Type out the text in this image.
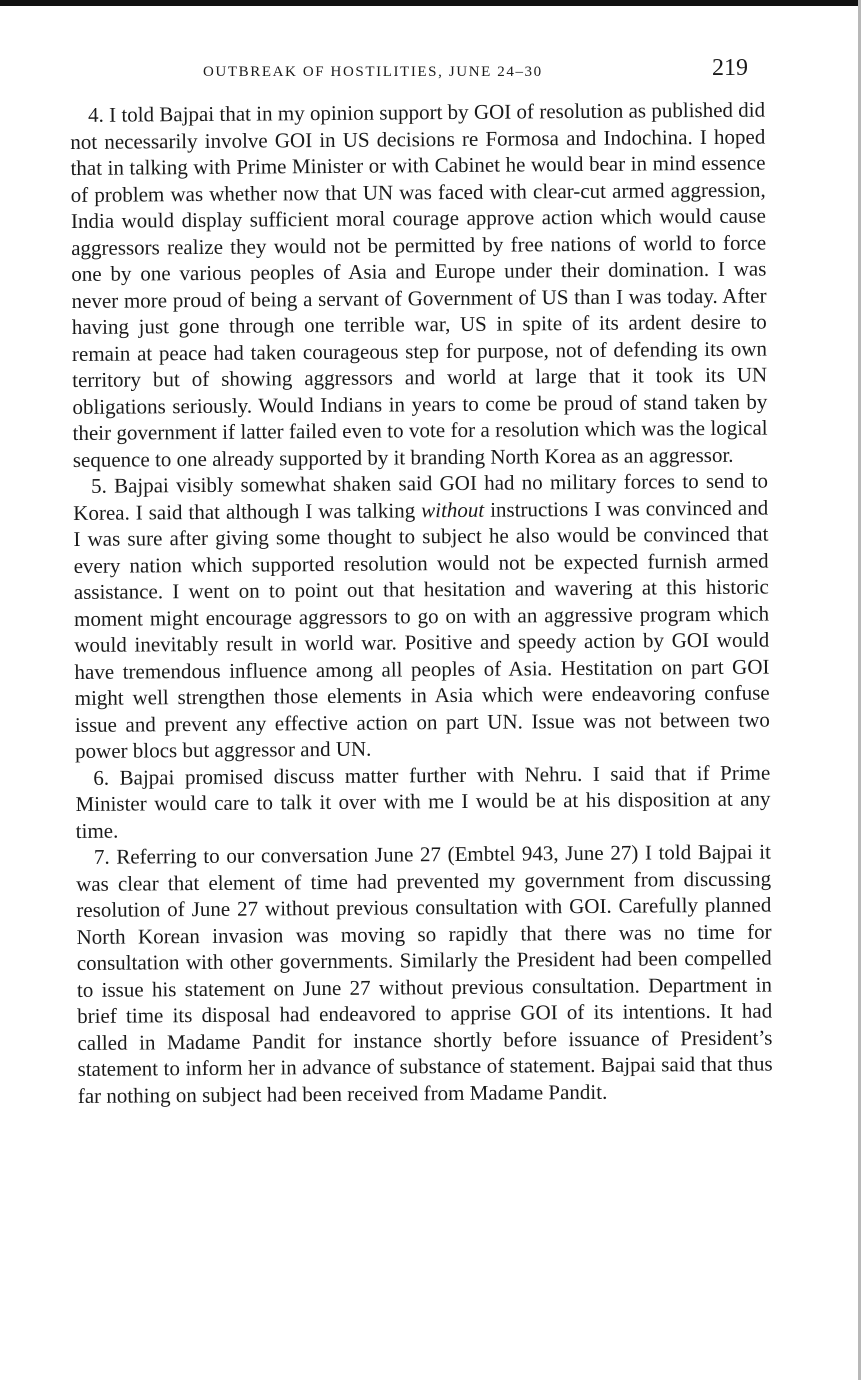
OUTBREAK OF HOSTILITIES, JUNE 24–30	219

4. I told Bajpai that in my opinion support by GOI of resolution as published did not necessarily involve GOI in US decisions re Formosa and Indochina. I hoped that in talking with Prime Minister or with Cabinet he would bear in mind essence of problem was whether now that UN was faced with clear-cut armed aggression, India would display sufficient moral courage approve action which would cause aggressors realize they would not be permitted by free nations of world to force one by one various peoples of Asia and Europe under their domination. I was never more proud of being a servant of Government of US than I was today. After having just gone through one terrible war, US in spite of its ardent desire to remain at peace had taken courageous step for purpose, not of defending its own territory but of showing aggressors and world at large that it took its UN obligations seriously. Would Indians in years to come be proud of stand taken by their government if latter failed even to vote for a resolution which was the logical sequence to one already supported by it branding North Korea as an aggressor.

5. Bajpai visibly somewhat shaken said GOI had no military forces to send to Korea. I said that although I was talking without instructions I was convinced and I was sure after giving some thought to subject he also would be convinced that every nation which supported resolution would not be expected furnish armed assistance. I went on to point out that hesitation and wavering at this historic moment might encourage aggressors to go on with an aggressive program which would inevitably result in world war. Positive and speedy action by GOI would have tremendous influence among all peoples of Asia. Hestitation on part GOI might well strengthen those elements in Asia which were endeavoring confuse issue and prevent any effective action on part UN. Issue was not between two power blocs but aggressor and UN.

6. Bajpai promised discuss matter further with Nehru. I said that if Prime Minister would care to talk it over with me I would be at his disposition at any time.

7. Referring to our conversation June 27 (Embtel 943, June 27) I told Bajpai it was clear that element of time had prevented my government from discussing resolution of June 27 without previous consultation with GOI. Carefully planned North Korean invasion was moving so rapidly that there was no time for consultation with other governments. Similarly the President had been compelled to issue his statement on June 27 without previous consultation. Department in brief time its disposal had endeavored to apprise GOI of its intentions. It had called in Madame Pandit for instance shortly before issuance of President’s statement to inform her in advance of substance of statement. Bajpai said that thus far nothing on subject had been received from Madame Pandit.
